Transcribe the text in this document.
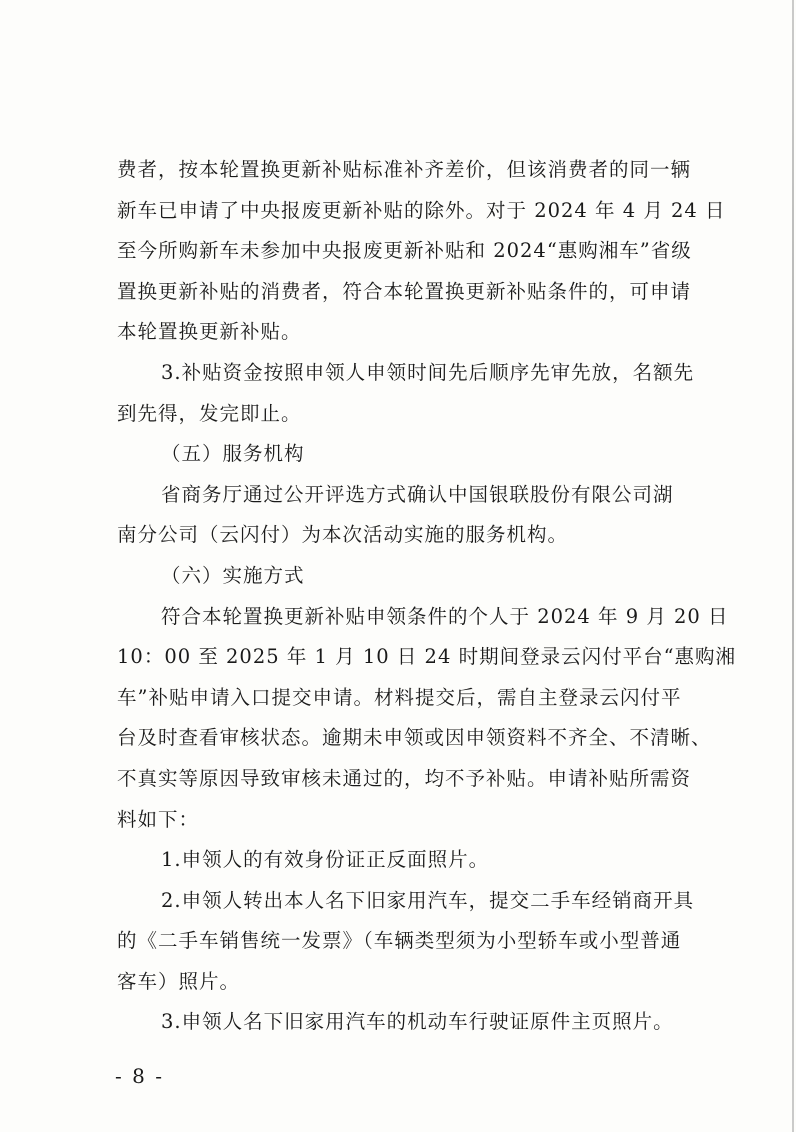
费者，按本轮置换更新补贴标准补齐差价，但该消费者的同一辆
新车已申请了中央报废更新补贴的除外。对于 2024 年 4 月 24 日
至今所购新车未参加中央报废更新补贴和 2024“惠购湘车”省级
置换更新补贴的消费者，符合本轮置换更新补贴条件的，可申请
本轮置换更新补贴。
3.补贴资金按照申领人申领时间先后顺序先审先放，名额先
到先得，发完即止。
（五）服务机构
省商务厅通过公开评选方式确认中国银联股份有限公司湖
南分公司（云闪付）为本次活动实施的服务机构。
（六）实施方式
符合本轮置换更新补贴申领条件的个人于 2024 年 9 月 20 日
10：00 至 2025 年 1 月 10 日 24 时期间登录云闪付平台“惠购湘
车”补贴申请入口提交申请。材料提交后，需自主登录云闪付平
台及时查看审核状态。逾期未申领或因申领资料不齐全、不清晰、
不真实等原因导致审核未通过的，均不予补贴。申请补贴所需资
料如下：
1.申领人的有效身份证正反面照片。
2.申领人转出本人名下旧家用汽车，提交二手车经销商开具
的《二手车销售统一发票》（车辆类型须为小型轿车或小型普通
客车）照片。
3.申领人名下旧家用汽车的机动车行驶证原件主页照片。
- 8 -
